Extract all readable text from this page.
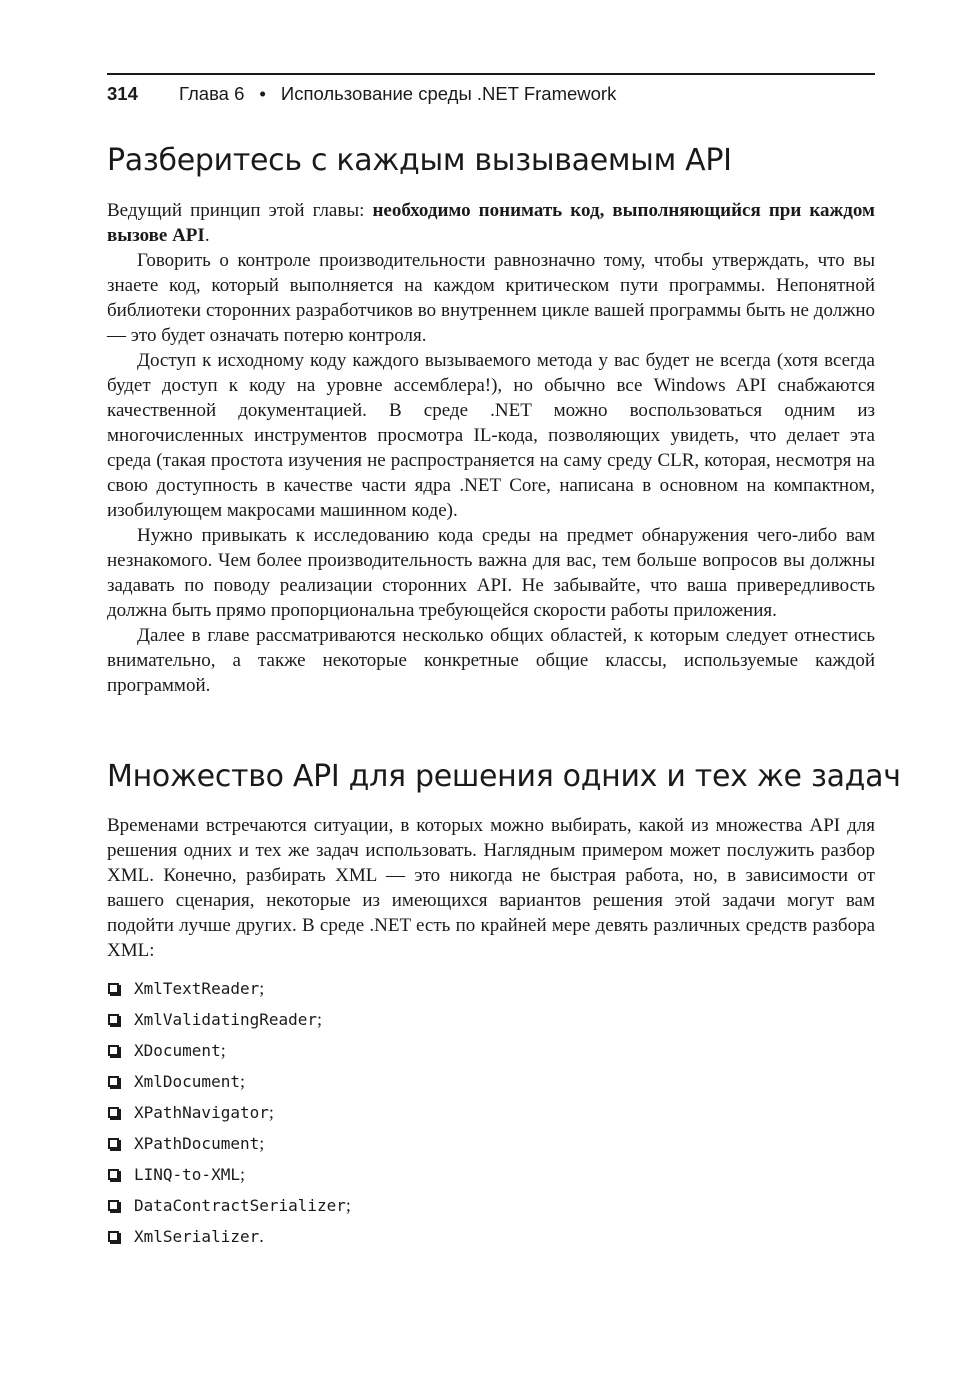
314	Глава 6 • Использование среды .NET Framework
Разберитесь с каждым вызываемым API

Ведущий принцип этой главы: необходимо понимать код, выполняющийся при каждом вызове API.

Говорить о контроле производительности равнозначно тому, чтобы утверждать, что вы знаете код, который выполняется на каждом критическом пути программы. Непонятной библиотеки сторонних разработчиков во внутреннем цикле вашей программы быть не должно — это будет означать потерю контроля.

Доступ к исходному коду каждого вызываемого метода у вас будет не всегда (хотя всегда будет доступ к коду на уровне ассемблера!), но обычно все Windows API снабжаются качественной документацией. В среде .NET можно воспользоваться одним из многочисленных инструментов просмотра IL-кода, позволяющих увидеть, что делает эта среда (такая простота изучения не распространяется на саму среду CLR, которая, несмотря на свою доступность в качестве части ядра .NET Core, написана в основном на компактном, изобилующем макросами машинном коде).

Нужно привыкать к исследованию кода среды на предмет обнаружения чего-либо вам незнакомого. Чем более производительность важна для вас, тем больше вопросов вы должны задавать по поводу реализации сторонних API. Не забывайте, что ваша привередливость должна быть прямо пропорциональна требующейся скорости работы приложения.

Далее в главе рассматриваются несколько общих областей, к которым следует отнестись внимательно, а также некоторые конкретные общие классы, используемые каждой программой.

Множество API для решения одних и тех же задач

Временами встречаются ситуации, в которых можно выбирать, какой из множества API для решения одних и тех же задач использовать. Наглядным примером может послужить разбор XML. Конечно, разбирать XML — это никогда не быстрая работа, но, в зависимости от вашего сценария, некоторые из имеющихся вариантов решения этой задачи могут вам подойти лучше других. В среде .NET есть по крайней мере девять различных средств разбора XML:

XmlTextReader ;
XmlValidatingReader ;
XDocument ;
XmlDocument ;
XPathNavigator ;
XPathDocument ;
LINQ-to-XML ;
DataContractSerializer ;
XmlSerializer .
